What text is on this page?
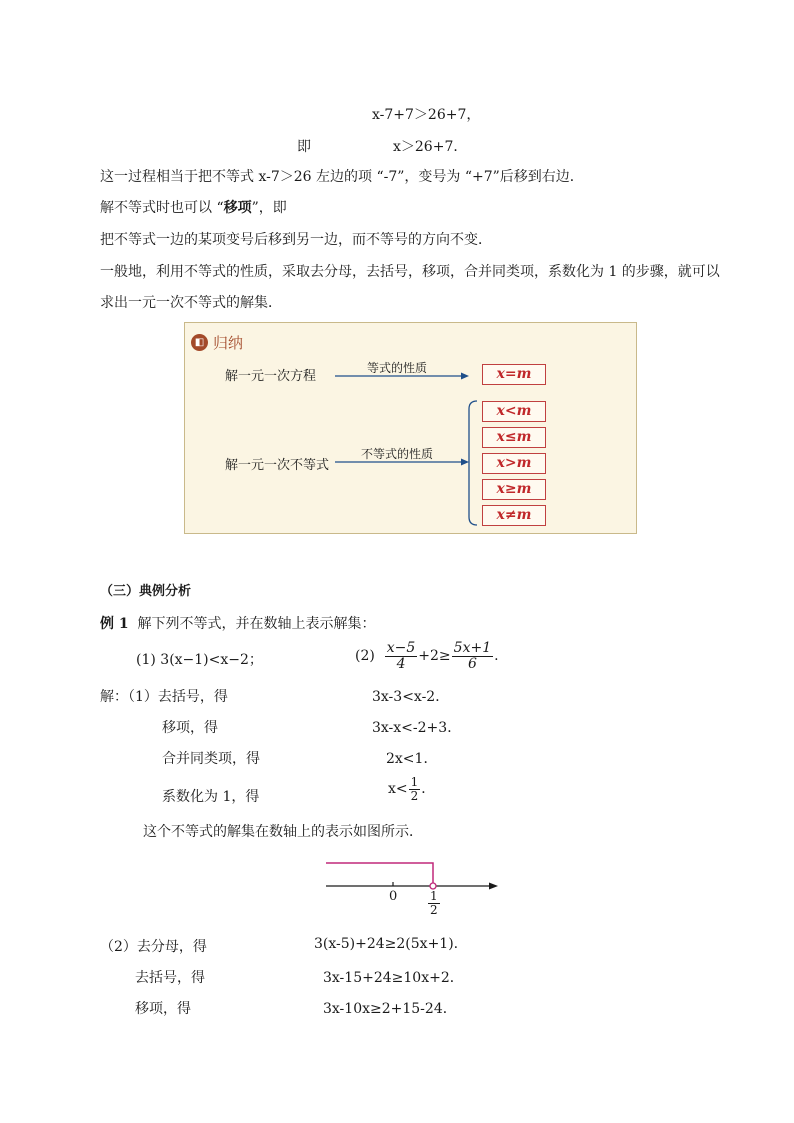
x-7+7＞26+7，
即	x＞26+7．
这一过程相当于把不等式 x-7＞26 左边的项 “-7”，变号为 “+7”后移到右边．
解不等式时也可以 “移项”，即
把不等式一边的某项变号后移到另一边，而不等号的方向不变．
一般地，利用不等式的性质，采取去分母，去括号，移项，合并同类项，系数化为 1 的步骤，就可以
求出一元一次不等式的解集．
◧ 归纳
解一元一次方程
等式的性质	x=m
解一元一次不等式
不等式的性质
x<m
x≤m
x>m
x≥m
x≠m
（三）典例分析
例 1 解下列不等式，并在数轴上表示解集：
(1) 3(x−1)<x−2；	$(2) \frac{x-5}{4} +2\ge \frac{5x+1}{6}$ .
解：（1）去括号，得	3x-3<x-2．
移项，得	3x-x<-2+3．
合并同类项，得	2x<1．
系数化为 1，得	$x< \frac{1}{2}$ ．
这个不等式的解集在数轴上的表示如图所示．
0	$\frac{1}{2}$
（2）去分母，得	3(x-5)+24≥2(5x+1).
去括号，得	3x-15+24≥10x+2．
移项，得	3x-10x≥2+15-24．
